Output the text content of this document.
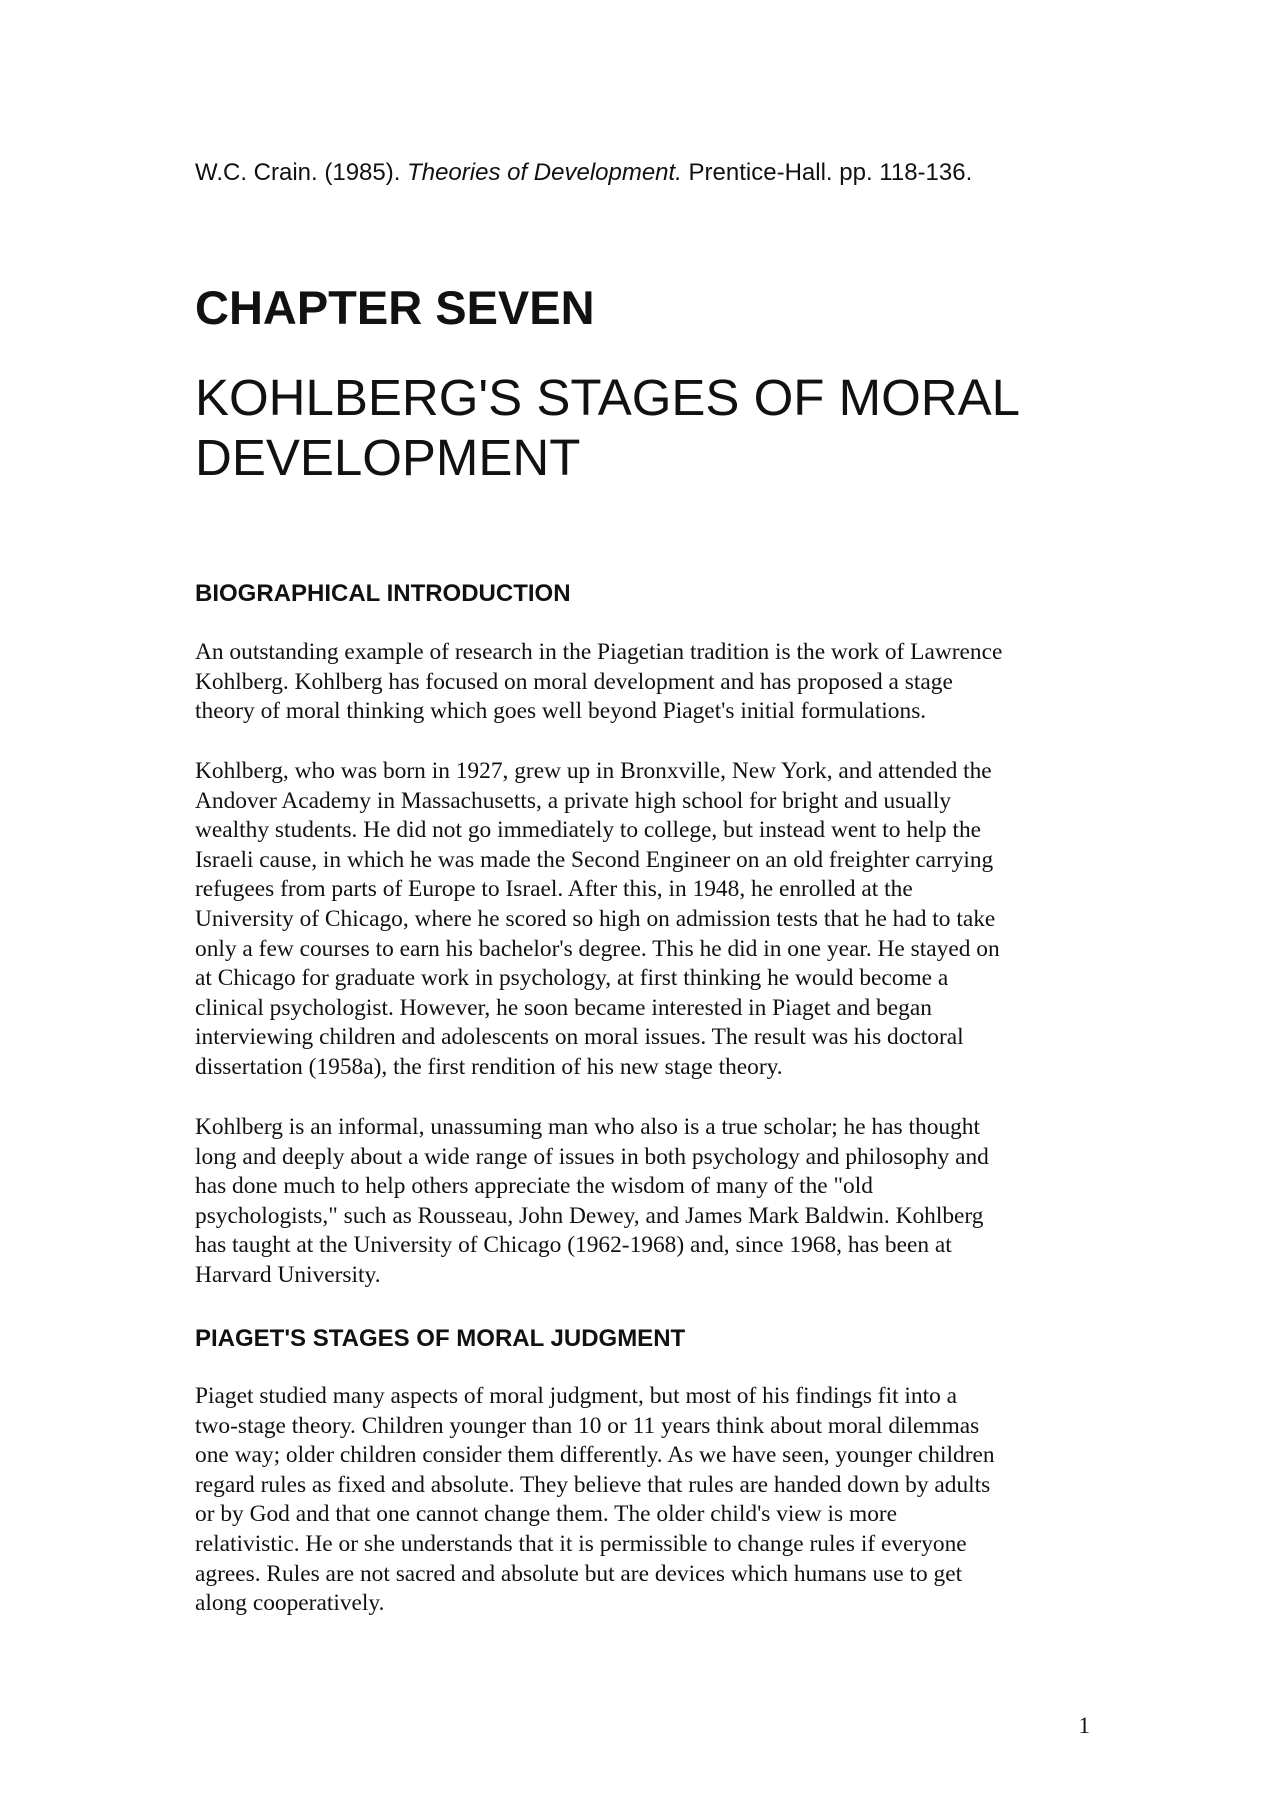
W.C. Crain. (1985). Theories of Development. Prentice-Hall. pp. 118-136.
CHAPTER SEVEN
KOHLBERG'S STAGES OF MORAL
DEVELOPMENT
BIOGRAPHICAL INTRODUCTION

An outstanding example of research in the Piagetian tradition is the work of Lawrence
Kohlberg. Kohlberg has focused on moral development and has proposed a stage
theory of moral thinking which goes well beyond Piaget's initial formulations.

Kohlberg, who was born in 1927, grew up in Bronxville, New York, and attended the
Andover Academy in Massachusetts, a private high school for bright and usually
wealthy students. He did not go immediately to college, but instead went to help the
Israeli cause, in which he was made the Second Engineer on an old freighter carrying
refugees from parts of Europe to Israel. After this, in 1948, he enrolled at the
University of Chicago, where he scored so high on admission tests that he had to take
only a few courses to earn his bachelor's degree. This he did in one year. He stayed on
at Chicago for graduate work in psychology, at first thinking he would become a
clinical psychologist. However, he soon became interested in Piaget and began
interviewing children and adolescents on moral issues. The result was his doctoral
dissertation (1958a), the first rendition of his new stage theory.

Kohlberg is an informal, unassuming man who also is a true scholar; he has thought
long and deeply about a wide range of issues in both psychology and philosophy and
has done much to help others appreciate the wisdom of many of the "old
psychologists," such as Rousseau, John Dewey, and James Mark Baldwin. Kohlberg
has taught at the University of Chicago (1962-1968) and, since 1968, has been at
Harvard University.

PIAGET'S STAGES OF MORAL JUDGMENT

Piaget studied many aspects of moral judgment, but most of his findings fit into a
two-stage theory. Children younger than 10 or 11 years think about moral dilemmas
one way; older children consider them differently. As we have seen, younger children
regard rules as fixed and absolute. They believe that rules are handed down by adults
or by God and that one cannot change them. The older child's view is more
relativistic. He or she understands that it is permissible to change rules if everyone
agrees. Rules are not sacred and absolute but are devices which humans use to get
along cooperatively.

1
